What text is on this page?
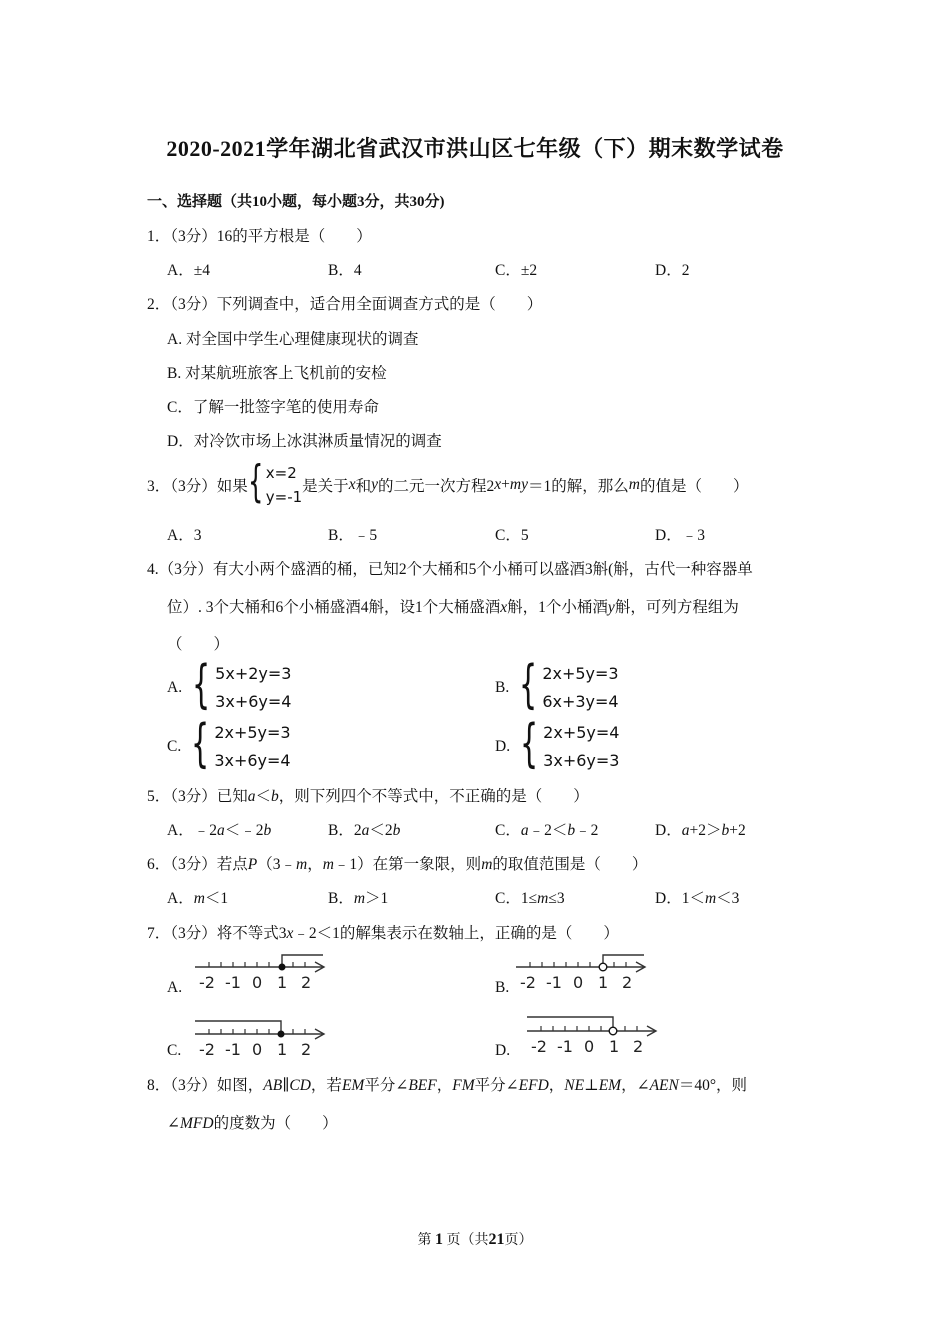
2020-2021学年湖北省武汉市洪山区七年级（下）期末数学试卷
一、选择题（共10小题，每小题3分，共30分)
1．（3分）16的平方根是（　　）
A．±4	B．4	C．±2	D．2
2．（3分）下列调查中，适合用全面调查方式的是（　　）
A. 对全国中学生心理健康现状的调查
B. 对某航班旅客上飞机前的安检
C．了解一批签字笔的使用寿命
D．对冷饮市场上冰淇淋质量情况的调查
3．（3分）如果 { x=2
y=-1
是关于 x 和 y 的二元一次方程2 x + my ＝1的解，那么 m 的值是（　　）
A．3	B．﹣5	C．5	D．﹣3
4.（3分）有大小两个盛酒的桶，已知2个大桶和5个小桶可以盛酒3斛(斛，古代一种容器单
位）. 3个大桶和6个小桶盛酒4斛，设1个大桶盛酒x斛，1个小桶酒y斛，可列方程组为
（　　）
A. { 5x+2y=3
3x+6y=4
B. { 2x+5y=3
6x+3y=4
C. { 2x+5y=3
3x+6y=4
D. { 2x+5y=4
3x+6y=3
5．（3分）已知a＜b，则下列四个不等式中，不正确的是（　　）
A．﹣2a＜﹣2b	B．2a＜2b	C．a﹣2＜b﹣2	D．a+2＞b+2
6．（3分）若点P（3﹣m，m﹣1）在第一象限，则m的取值范围是（　　）
A．m＜1	B．m＞1	C．1≤m≤3	D．1＜m＜3
7．（3分）将不等式3x﹣2＜1的解集表示在数轴上，正确的是（　　）
A.	B.
C.	D.
-2 -1 0 1 2	-2 -1 0 1 2
-2 -1 0 1 2	-2 -1 0 1 2
8．（3分）如图，AB∥CD，若EM平分∠BEF，FM平分∠EFD，NE⊥EM，∠AEN＝40°，则
∠MFD的度数为（　　）
第 1 页（共21页）
